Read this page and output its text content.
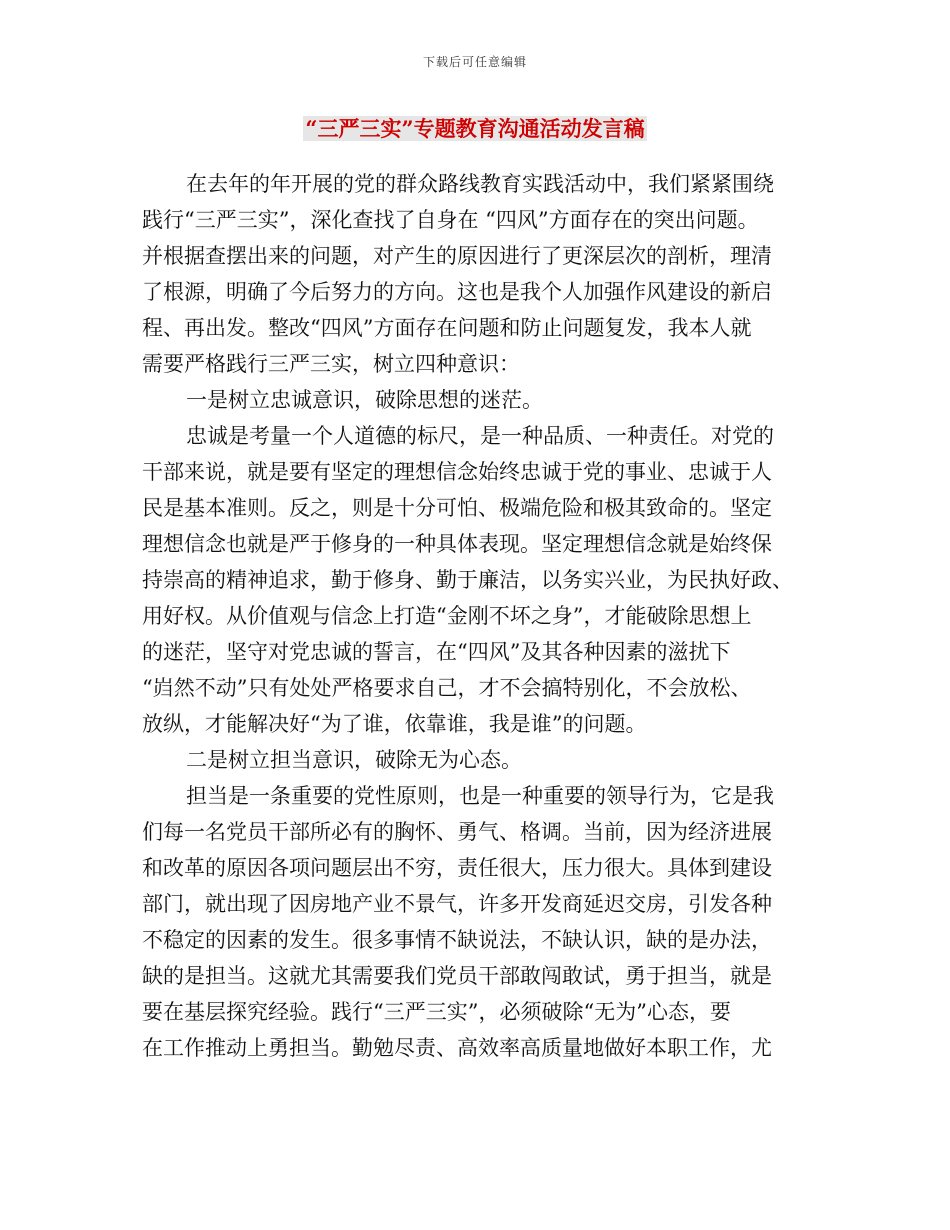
下载后可任意编辑
“三严三实”专题教育沟通活动发言稿
在去年的年开展的党的群众路线教育实践活动中，我们紧紧围绕
践行“三严三实”，深化查找了自身在 “四风”方面存在的突出问题。
并根据查摆出来的问题，对产生的原因进行了更深层次的剖析，理清
了根源，明确了今后努力的方向。这也是我个人加强作风建设的新启
程、再出发。整改“四风”方面存在问题和防止问题复发，我本人就
需要严格践行三严三实，树立四种意识：
一是树立忠诚意识，破除思想的迷茫。
忠诚是考量一个人道德的标尺，是一种品质、一种责任。对党的
干部来说，就是要有坚定的理想信念始终忠诚于党的事业、忠诚于人
民是基本准则。反之，则是十分可怕、极端危险和极其致命的。坚定
理想信念也就是严于修身的一种具体表现。坚定理想信念就是始终保
持崇高的精神追求，勤于修身、勤于廉洁，以务实兴业，为民执好政、
用好权。从价值观与信念上打造“金刚不坏之身”，才能破除思想上
的迷茫，坚守对党忠诚的誓言，在“四风”及其各种因素的滋扰下
“岿然不动”只有处处严格要求自己，才不会搞特别化，不会放松、
放纵，才能解决好“为了谁，依靠谁，我是谁”的问题。
二是树立担当意识，破除无为心态。
担当是一条重要的党性原则，也是一种重要的领导行为，它是我
们每一名党员干部所必有的胸怀、勇气、格调。当前，因为经济进展
和改革的原因各项问题层出不穷，责任很大，压力很大。具体到建设
部门，就出现了因房地产业不景气，许多开发商延迟交房，引发各种
不稳定的因素的发生。很多事情不缺说法，不缺认识，缺的是办法，
缺的是担当。这就尤其需要我们党员干部敢闯敢试，勇于担当，就是
要在基层探究经验。践行“三严三实”，必须破除“无为”心态，要
在工作推动上勇担当。勤勉尽责、高效率高质量地做好本职工作，尤
